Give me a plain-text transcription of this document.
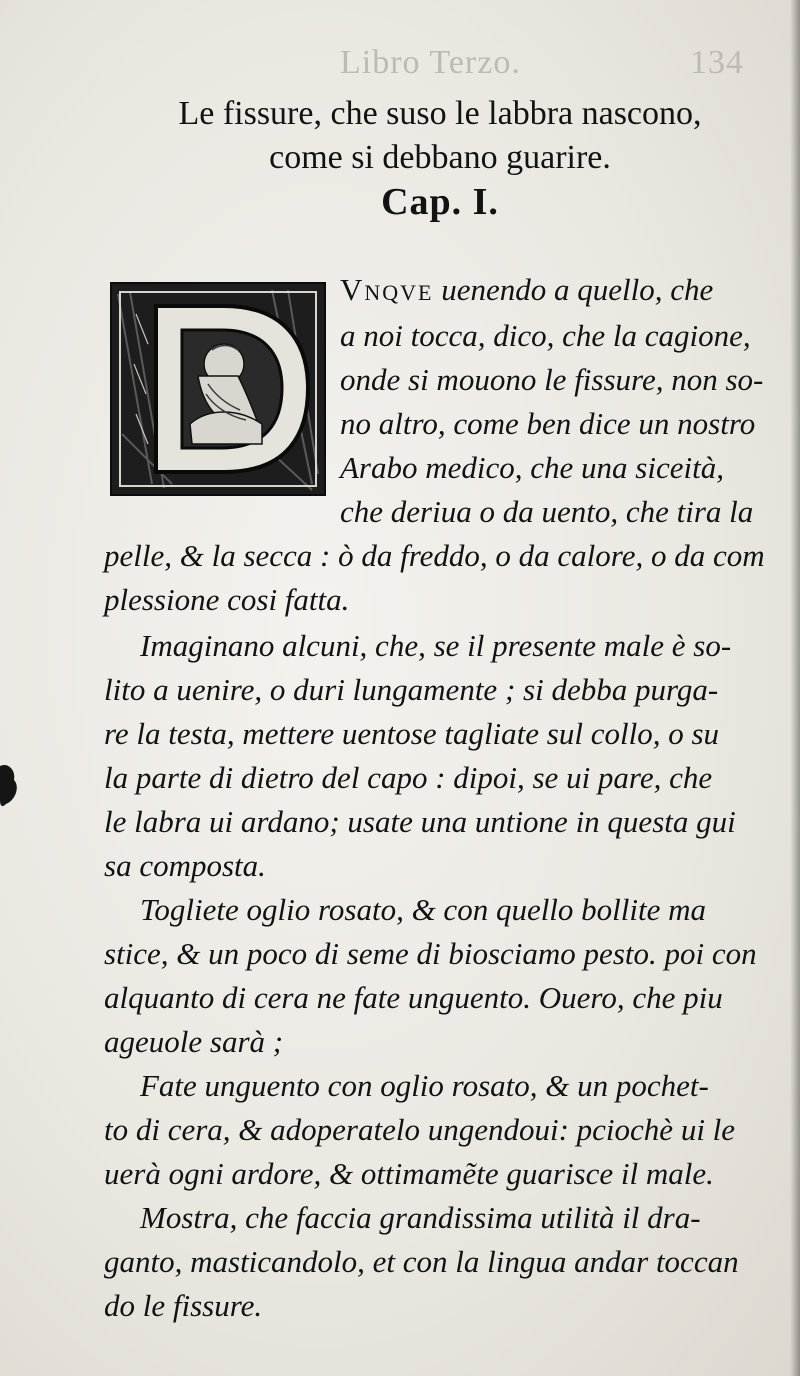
Libro Terzo.	134
Le fissure, che suso le labbra nascono,
come si debbano guarire.
Cap. I.
Vnqve uenendo a quello, che
a noi tocca, dico, che la cagione,
onde si mouono le fissure, non so-
no altro, come ben dice un nostro
Arabo medico, che una siceità,
che deriua o da uento, che tira la
pelle, & la secca : ò da freddo, o da calore, o da com
plessione cosi fatta.
Imaginano alcuni, che, se il presente male è so-
lito a uenire, o duri lungamente ; si debba purga-
re la testa, mettere uentose tagliate sul collo, o su
la parte di dietro del capo : dipoi, se ui pare, che
le labra ui ardano; usate una untione in questa gui
sa composta.
Togliete oglio rosato, & con quello bollite ma
stice, & un poco di seme di biosciamo pesto. poi con
alquanto di cera ne fate unguento. Ouero, che piu
ageuole sarà ;
Fate unguento con oglio rosato, & un pochet-
to di cera, & adoperatelo ungendoui: pciochè ui le
uerà ogni ardore, & ottimamẽte guarisce il male.
Mostra, che faccia grandissima utilità il dra-
ganto, masticandolo, et con la lingua andar toccan
do le fissure.
